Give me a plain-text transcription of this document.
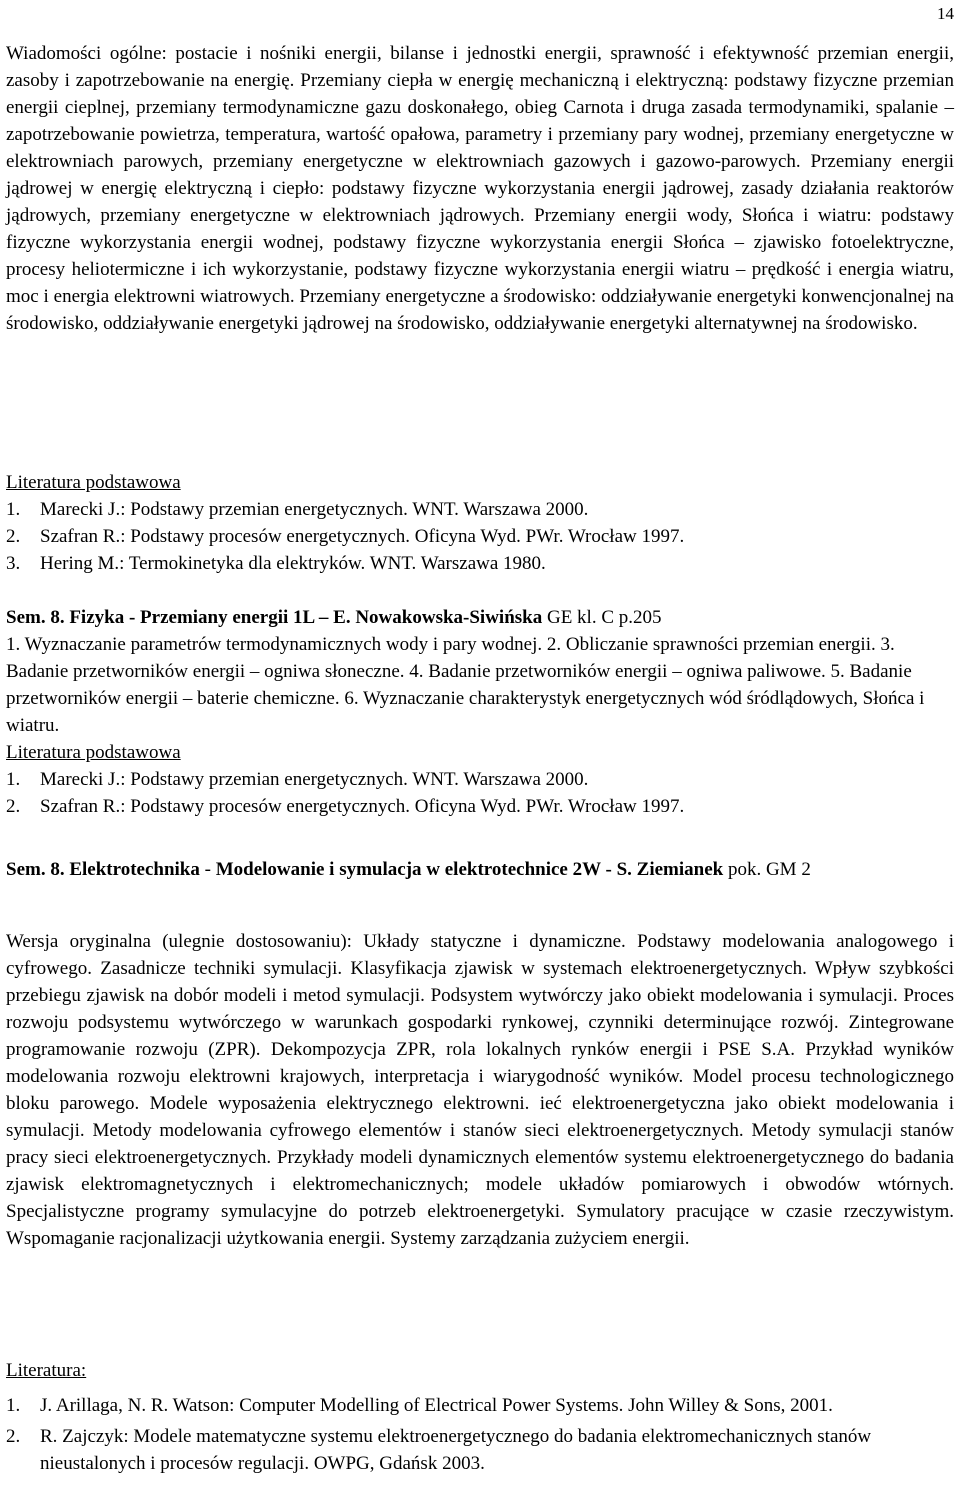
14
Wiadomości ogólne: postacie i nośniki energii, bilanse i jednostki energii, sprawność i efektywność przemian energii, zasoby i zapotrzebowanie na energię. Przemiany ciepła w energię mechaniczną i elektryczną: podstawy fizyczne przemian energii cieplnej, przemiany termodynamiczne gazu doskonałego, obieg Carnota i druga zasada termodynamiki, spalanie – zapotrzebowanie powietrza, temperatura, wartość opałowa, parametry i przemiany pary wodnej, przemiany energetyczne w elektrowniach parowych, przemiany energetyczne w elektrowniach gazowych i gazowo-parowych. Przemiany energii jądrowej w energię elektryczną i ciepło: podstawy fizyczne wykorzystania energii jądrowej, zasady działania reaktorów jądrowych, przemiany energetyczne w elektrowniach jądrowych. Przemiany energii wody, Słońca i wiatru: podstawy fizyczne wykorzystania energii wodnej, podstawy fizyczne wykorzystania energii Słońca – zjawisko fotoelektryczne, procesy heliotermiczne i ich wykorzystanie, podstawy fizyczne wykorzystania energii wiatru – prędkość i energia wiatru, moc i energia elektrowni wiatrowych. Przemiany energetyczne a środowisko: oddziaływanie energetyki konwencjonalnej na środowisko, oddziaływanie energetyki jądrowej na środowisko, oddziaływanie energetyki alternatywnej na środowisko.
Literatura podstawowa
1.	Marecki J.: Podstawy przemian energetycznych. WNT. Warszawa 2000.
2.	Szafran R.: Podstawy procesów energetycznych. Oficyna Wyd. PWr. Wrocław 1997.
3.	Hering M.: Termokinetyka dla elektryków. WNT. Warszawa 1980.
Sem. 8. Fizyka - Przemiany energii 1L – E. Nowakowska-Siwińska GE kl. C p.205
1. Wyznaczanie parametrów termodynamicznych wody i pary wodnej. 2. Obliczanie sprawności przemian energii. 3. Badanie przetworników energii – ogniwa słoneczne. 4. Badanie przetworników energii – ogniwa paliwowe. 5. Badanie przetworników energii – baterie chemiczne. 6. Wyznaczanie charakterystyk energetycznych wód śródlądowych, Słońca i wiatru.
Literatura podstawowa
1.	Marecki J.: Podstawy przemian energetycznych. WNT. Warszawa 2000.
2.	Szafran R.: Podstawy procesów energetycznych. Oficyna Wyd. PWr. Wrocław 1997.
Sem. 8. Elektrotechnika - Modelowanie i symulacja w elektrotechnice 2W - S. Ziemianek pok. GM 2
Wersja oryginalna (ulegnie dostosowaniu): Układy statyczne i dynamiczne. Podstawy modelowania analogowego i cyfrowego. Zasadnicze techniki symulacji. Klasyfikacja zjawisk w systemach elektroenergetycznych. Wpływ szybkości przebiegu zjawisk na dobór modeli i metod symulacji. Podsystem wytwórczy jako obiekt modelowania i symulacji. Proces rozwoju podsystemu wytwórczego w warunkach gospodarki rynkowej, czynniki determinujące rozwój. Zintegrowane programowanie rozwoju (ZPR). Dekompozycja ZPR, rola lokalnych rynków energii i PSE S.A. Przykład wyników modelowania rozwoju elektrowni krajowych, interpretacja i wiarygodność wyników. Model procesu technologicznego bloku parowego. Modele wyposażenia elektrycznego elektrowni. ieć elektroenergetyczna jako obiekt modelowania i symulacji. Metody modelowania cyfrowego elementów i stanów sieci elektroenergetycznych. Metody symulacji stanów pracy sieci elektroenergetycznych. Przykłady modeli dynamicznych elementów systemu elektroenergetycznego do badania zjawisk elektromagnetycznych i elektromechanicznych; modele układów pomiarowych i obwodów wtórnych. Specjalistyczne programy symulacyjne do potrzeb elektroenergetyki. Symulatory pracujące w czasie rzeczywistym. Wspomaganie racjonalizacji użytkowania energii. Systemy zarządzania zużyciem energii.
Literatura:
1.	J. Arillaga, N. R. Watson: Computer Modelling of Electrical Power Systems. John Willey & Sons, 2001.
2.	R. Zajczyk: Modele matematyczne systemu elektroenergetycznego do badania elektromechanicznych stanów nieustalonych i procesów regulacji. OWPG, Gdańsk 2003.
